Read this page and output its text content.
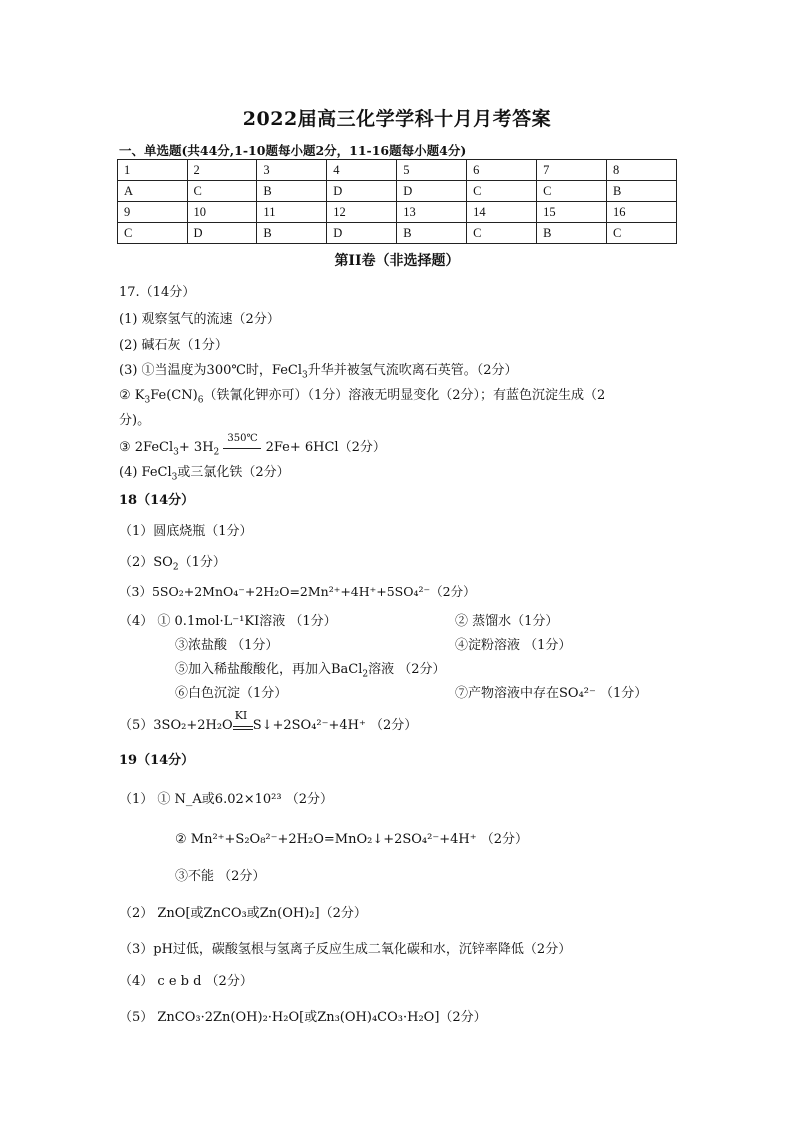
2022届高三化学学科十月月考答案
一、单选题(共44分,1-10题每小题2分，11-16题每小题4分)
1	2	3	4	5	6	7	8
A	C	B	D	D	C	C	B
9	10	11	12	13	14	15	16
C	D	B	D	B	C	B	C
第II卷（非选择题）
17.（14分）
(1) 观察氢气的流速（2分）
(2) 碱石灰（1分）
(3) ①当温度为300℃时，FeCl$_3$升华并被氢气流吹离石英管。（2分）
② $K_3Fe(CN)_6$（铁氰化钾亦可）（1分）溶液无明显变化（2分）；有蓝色沉淀生成（2
分)。
③ 2FeCl$_3$+ $3H_2$
350℃
2Fe+ 6HCl（2分）
(4) FeCl$_3$或三氯化铁（2分）
18（14分）
（1）圆底烧瓶（1分）
$(2)SO_2(1$分）
（3）5SO₂+2MnO₄⁻+2H₂O=2Mn²⁺+4H⁺+5SO₄²⁻（2分）
（4） ① 0.1mol·L⁻¹KI溶液 （1分）	② 蒸馏水（1分）
③浓盐酸 （1分）	④淀粉溶液 （1分）
⑤加入稀盐酸酸化，再加入BaCl$_2$溶液 （2分）
⑥白色沉淀（1分）	⑦产物溶液中存在SO₄²⁻ （1分）
（5）3SO₂+2H₂O
KI
S↓+2SO₄²⁻+4H⁺ （2分）
19（14分）
（1） ① N_A或6.02×10²³ （2分）
② Mn²⁺+S₂O₈²⁻+2H₂O=MnO₂↓+2SO₄²⁻+4H⁺ （2分）
③不能 （2分）
（2） ZnO[或ZnCO₃或Zn(OH)₂]（2分）
（3）pH过低，碳酸氢根与氢离子反应生成二氧化碳和水，沉锌率降低（2分）
（4） c e b d （2分）
（5） ZnCO₃·2Zn(OH)₂·H₂O[或Zn₃(OH)₄CO₃·H₂O]（2分）
